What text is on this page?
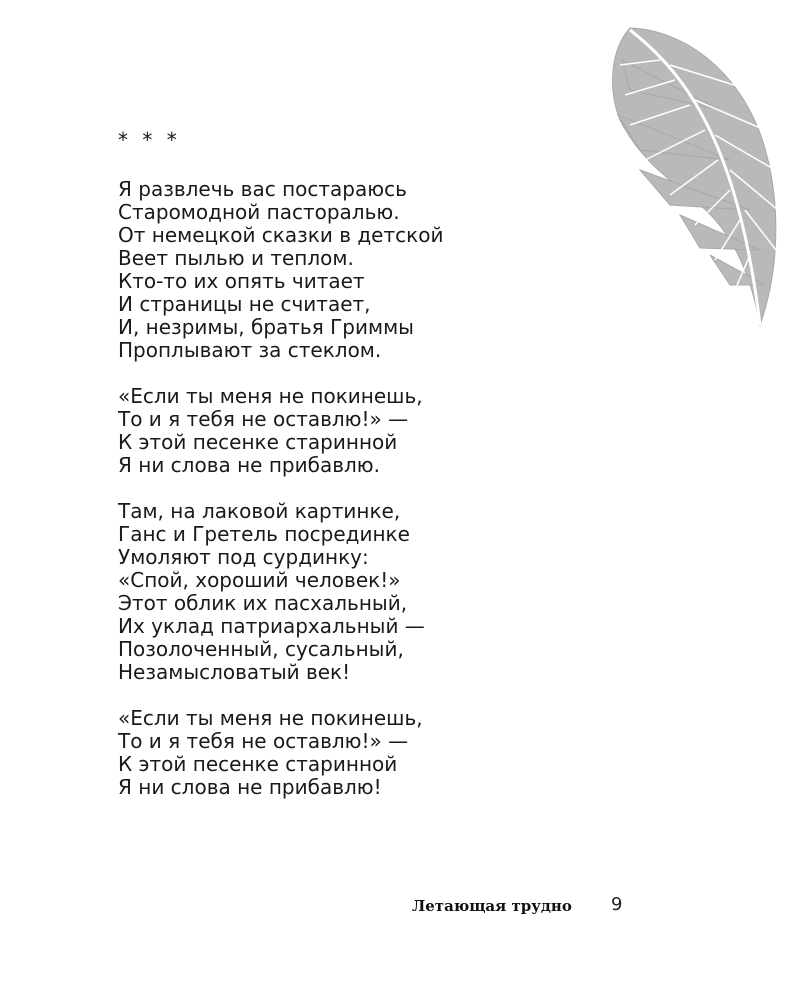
* * *
Я развлечь вас постараюсь
Старомодной пасторалью.
От немецкой сказки в детской
Веет пылью и теплом.
Кто-то их опять читает
И страницы не считает,
И, незримы, братья Гриммы
Проплывают за стеклом.
«Если ты меня не покинешь,
То и я тебя не оставлю!» —
К этой песенке старинной
Я ни слова не прибавлю.
Там, на лаковой картинке,
Ганс и Гретель посрединке
Умоляют под сурдинку:
«Спой, хороший человек!»
Этот облик их пасхальный,
Их уклад патриархальный —
Позолоченный, сусальный,
Незамысловатый век!
«Если ты меня не покинешь,
То и я тебя не оставлю!» —
К этой песенке старинной
Я ни слова не прибавлю!
Летающая трудно 9
